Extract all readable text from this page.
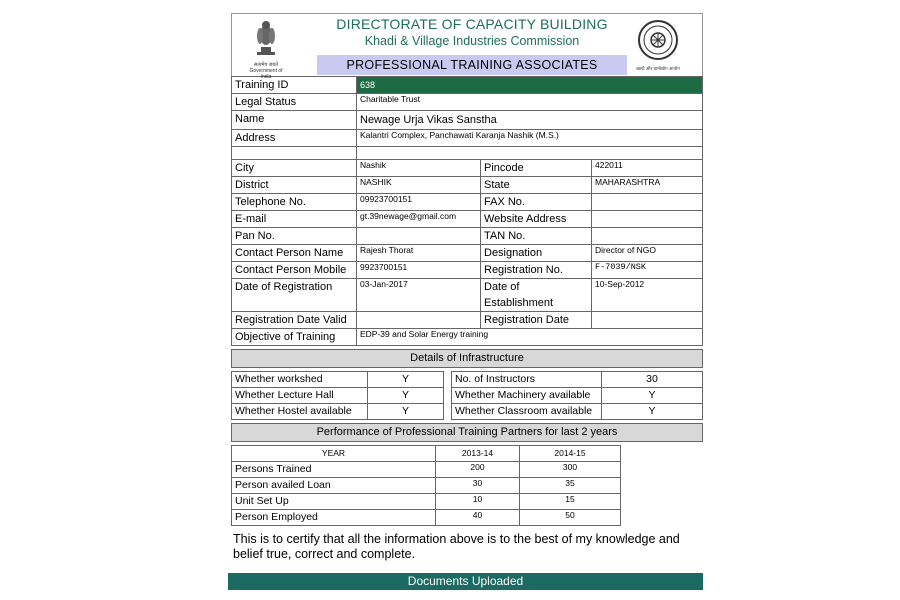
सत्यमेव जयते
Government of India
DIRECTORATE OF CAPACITY BUILDING
Khadi & Village Industries Commission
PROFESSIONAL TRAINING ASSOCIATES	खादी और ग्रामोद्योग आयोग
Training ID	638
Legal Status	Charitable Trust
Name	Newage Urja Vikas Sanstha
Address	Kalantri Complex, Panchawati Karanja Nashik (M.S.)

City	Nashik	Pincode	422011
District	NASHIK	State	MAHARASHTRA
Telephone No.	09923700151	FAX No.	
E-mail	gt.39newage@gmail.com	Website Address	
Pan No.		TAN No.	
Contact Person Name	Rajesh Thorat	Designation	Director of NGO
Contact Person Mobile	9923700151	Registration No.	F-7039/NSK
Date of Registration	03-Jan-2017	Date of Establishment	10-Sep-2012
Registration Date Valid		Registration Date	
Objective of Training	EDP-39 and Solar Energy training
Details of Infrastructure
Whether workshed	Y		No. of Instructors	30
Whether Lecture Hall	Y		Whether Machinery available	Y
Whether Hostel available	Y		Whether Classroom available	Y
Performance of Professional Training Partners for last 2 years
YEAR	2013-14	2014-15
Persons Trained	200	300
Person availed Loan	30	35
Unit Set Up	10	15
Person Employed	40	50
This is to certify that all the information above is to the best of my knowledge and belief true, correct and complete.
Documents Uploaded
